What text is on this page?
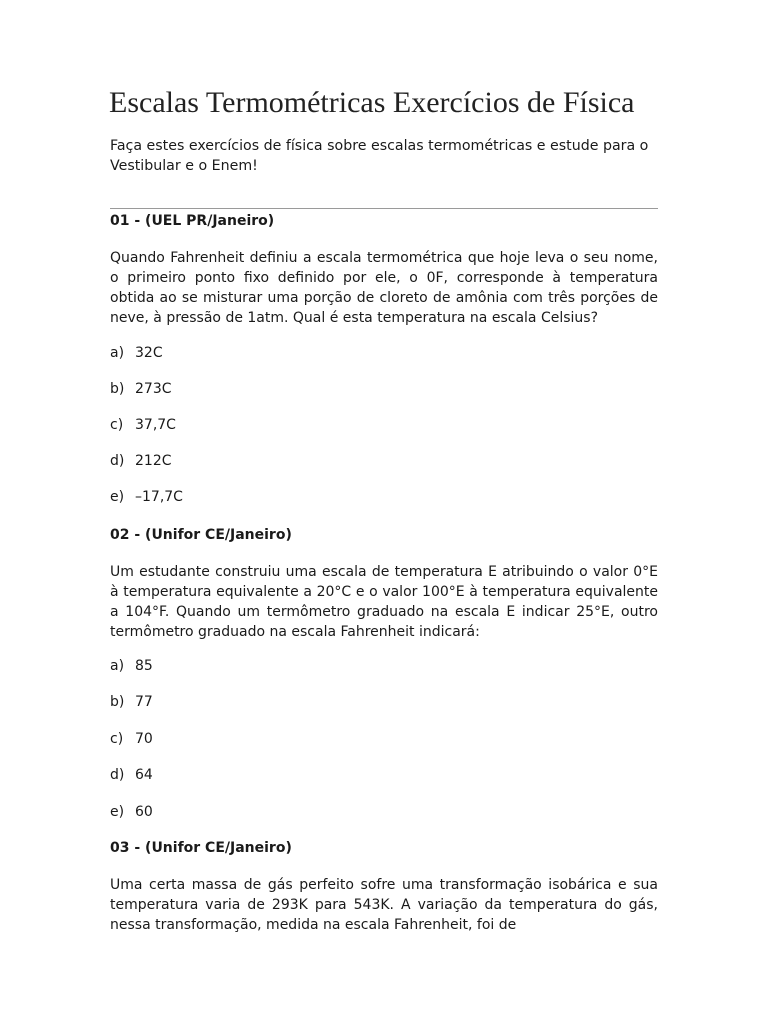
Escalas Termométricas Exercícios de Física

Faça estes exercícios de física sobre escalas termométricas e estude para o Vestibular e o Enem!

01 - (UEL PR/Janeiro)

Quando Fahrenheit definiu a escala termométrica que hoje leva o seu nome, o primeiro ponto fixo definido por ele, o 0F, corresponde à temperatura obtida ao se misturar uma porção de cloreto de amônia com três porções de neve, à pressão de 1atm. Qual é esta temperatura na escala Celsius?

a) 32C

b) 273C

c) 37,7C

d) 212C

e) –17,7C

02 - (Unifor CE/Janeiro)

Um estudante construiu uma escala de temperatura E atribuindo o valor 0°E à temperatura equivalente a 20°C e o valor 100°E à temperatura equivalente a 104°F. Quando um termômetro graduado na escala E indicar 25°E, outro termômetro graduado na escala Fahrenheit indicará:

a) 85

b) 77

c) 70

d) 64

e) 60

03 - (Unifor CE/Janeiro)

Uma certa massa de gás perfeito sofre uma transformação isobárica e sua temperatura varia de 293K para 543K. A variação da temperatura do gás, nessa transformação, medida na escala Fahrenheit, foi de
